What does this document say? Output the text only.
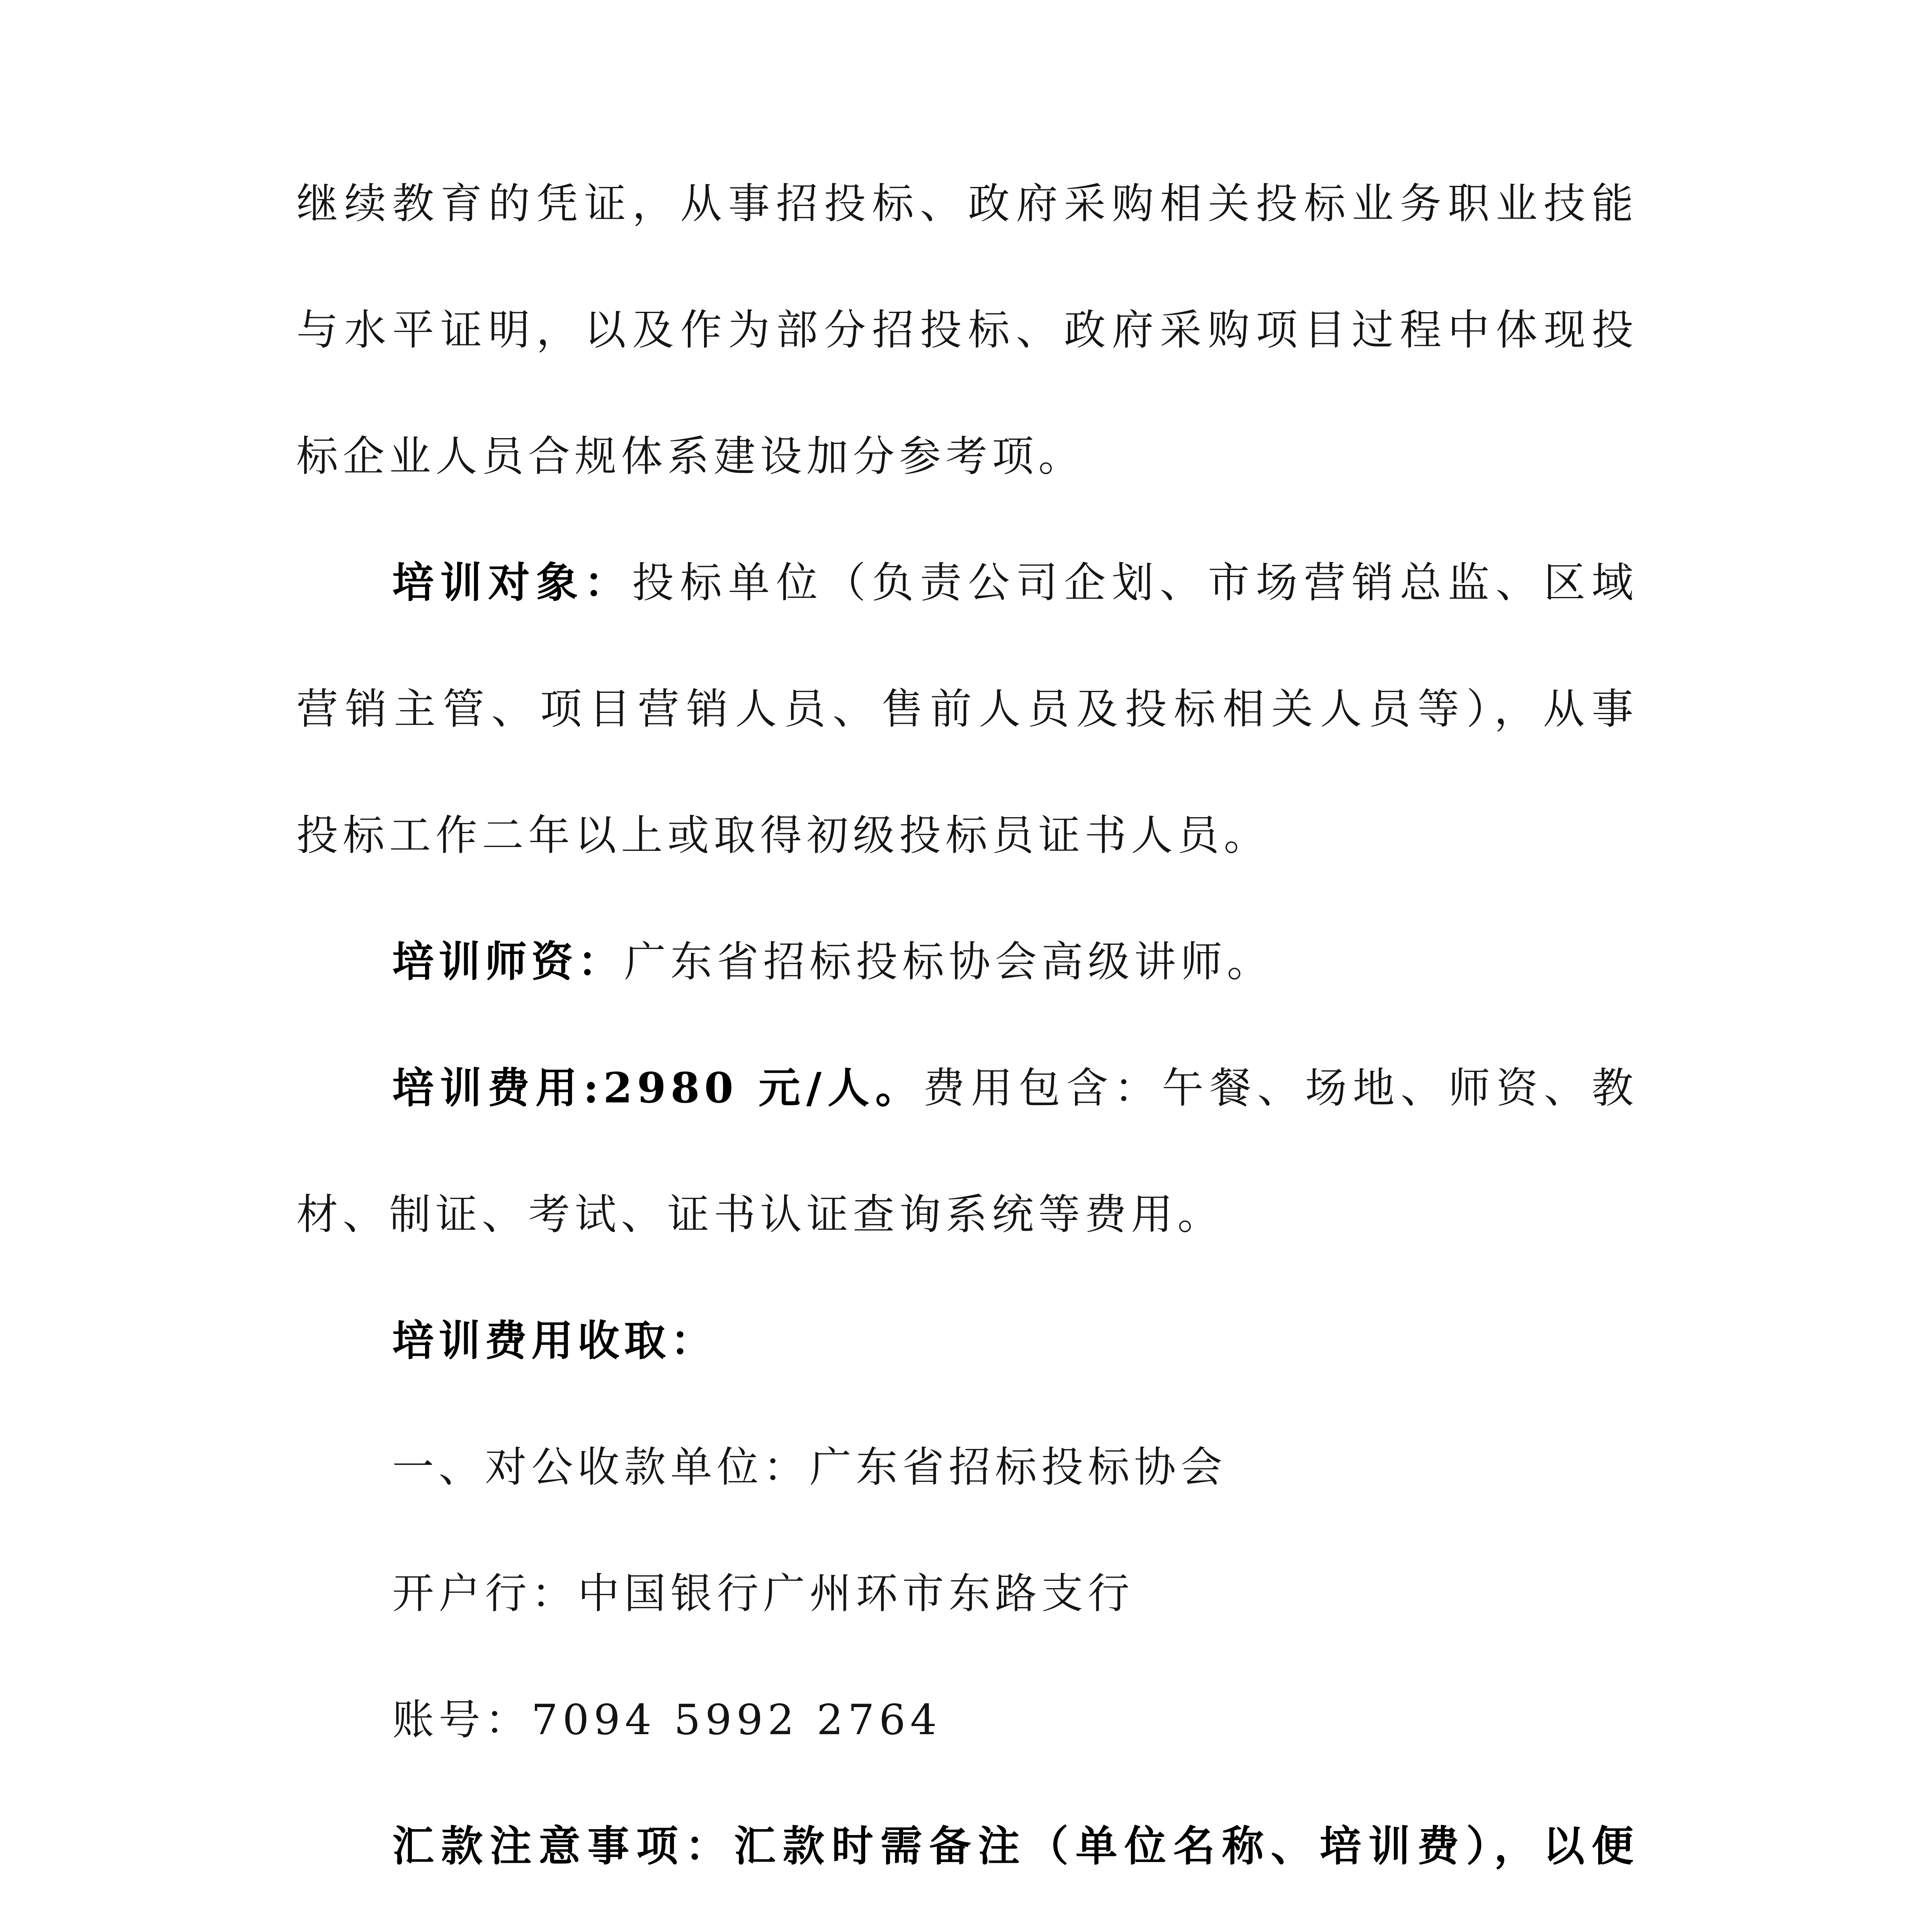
继续教育的凭证，从事招投标、政府采购相关投标业务职业技能
与水平证明，以及作为部分招投标、政府采购项目过程中体现投
标企业人员合规体系建设加分参考项。
培训对象：投标单位（负责公司企划、市场营销总监、区域
营销主管、项目营销人员、售前人员及投标相关人员等），从事
投标工作二年以上或取得初级投标员证书人员。
培训师资：广东省招标投标协会高级讲师。
培训费用:2980 元/人。费用包含：午餐、场地、师资、教
材、制证、考试、证书认证查询系统等费用。
培训费用收取：
一、对公收款单位：广东省招标投标协会
开户行：中国银行广州环市东路支行
账号：7094 5992 2764
汇款注意事项：汇款时需备注（单位名称、培训费），以便
